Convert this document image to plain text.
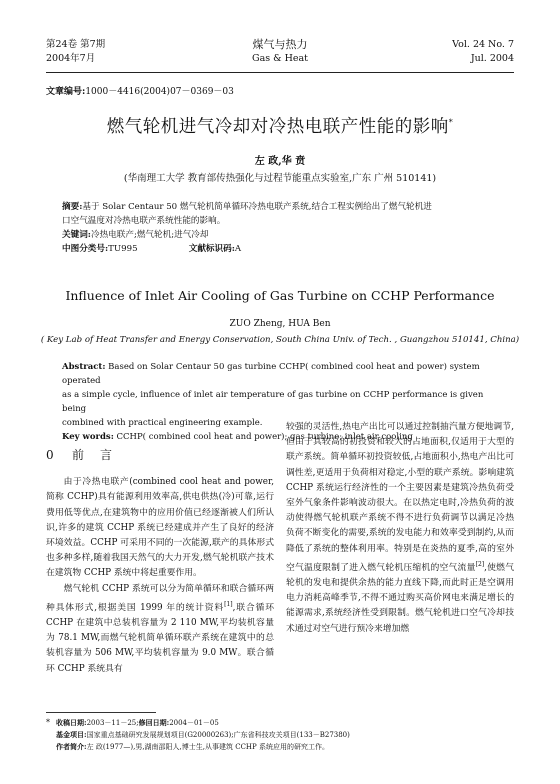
第24卷 第7期
2004年7月
煤气与热力
Gas & Heat
Vol. 24 No. 7
Jul. 2004
文章编号:1000－4416(2004)07－0369－03
燃气轮机进气冷却对冷热电联产性能的影响*
左 政,华 贲
(华南理工大学 教育部传热强化与过程节能重点实验室,广东 广州 510141)
摘要:基于 Solar Centaur 50 燃气轮机简单循环冷热电联产系统,结合工程实例给出了燃气轮机进
口空气温度对冷热电联产系统性能的影响。
关键词:冷热电联产;燃气轮机;进气冷却
中图分类号:TU995	文献标识码:A
Influence of Inlet Air Cooling of Gas Turbine on CCHP Performance
ZUO Zheng, HUA Ben
( Key Lab of Heat Transfer and Energy Conservation, South China Univ. of Tech. , Guangzhou 510141, China)
Abstract: Based on Solar Centaur 50 gas turbine CCHP( combined cool heat and power) system operated
as a simple cycle, influence of inlet air temperature of gas turbine on CCHP performance is given being
combined with practical engineering example.
Key words: CCHP( combined cool heat and power); gas turbine; inlet air cooling
0 前言

由于冷热电联产(combined cool heat and power,简称 CCHP)具有能源利用效率高,供电供热(冷)可靠,运行费用低等优点,在建筑物中的应用价值已经逐渐被人们所认识,许多的建筑 CCHP 系统已经建成并产生了良好的经济环境效益。CCHP 可采用不同的一次能源,联产的具体形式也多种多样,随着我国天然气的大力开发,燃气轮机联产技术在建筑物 CCHP 系统中将起重要作用。

燃气轮机 CCHP 系统可以分为简单循环和联合循环两种具体形式,根据美国 1999 年的统计资料[1],联合循环 CCHP 在建筑中总装机容量为 2 110 MW,平均装机容量为 78.1 MW,而燃气轮机简单循环联产系统在建筑中的总装机容量为 506 MW,平均装机容量为 9.0 MW。联合循环 CCHP 系统具有

较强的灵活性,热电产出比可以通过控制抽汽量方便地调节,但由于其较高的初投资和较大的占地面积,仅适用于大型的联产系统。简单循环初投资较低,占地面积小,热电产出比可调性差,更适用于负荷相对稳定,小型的联产系统。影响建筑 CCHP 系统运行经济性的一个主要因素是建筑冷热负荷受室外气象条件影响波动很大。在以热定电时,冷热负荷的波动使得燃气轮机联产系统不得不进行负荷调节以满足冷热负荷不断变化的需要,系统的发电能力和效率受到制约,从而降低了系统的整体利用率。特别是在炎热的夏季,高的室外空气温度限制了进入燃气轮机压缩机的空气流量[2],使燃气轮机的发电和提供余热的能力直线下降,而此时正是空调用电力消耗高峰季节,不得不通过购买高价网电来满足增长的能源需求,系统经济性受到限制。燃气轮机进口空气冷却技术通过对空气进行预冷来增加燃

* 收稿日期:2003－11－25;修回日期:2004－01－05
基金项目:国家重点基础研究发展规划项目(G20000263);广东省科技攻关项目(133－B27380)
作者简介:左 政(1977—),男,湖南邵阳人,博士生,从事建筑 CCHP 系统应用的研究工作。
